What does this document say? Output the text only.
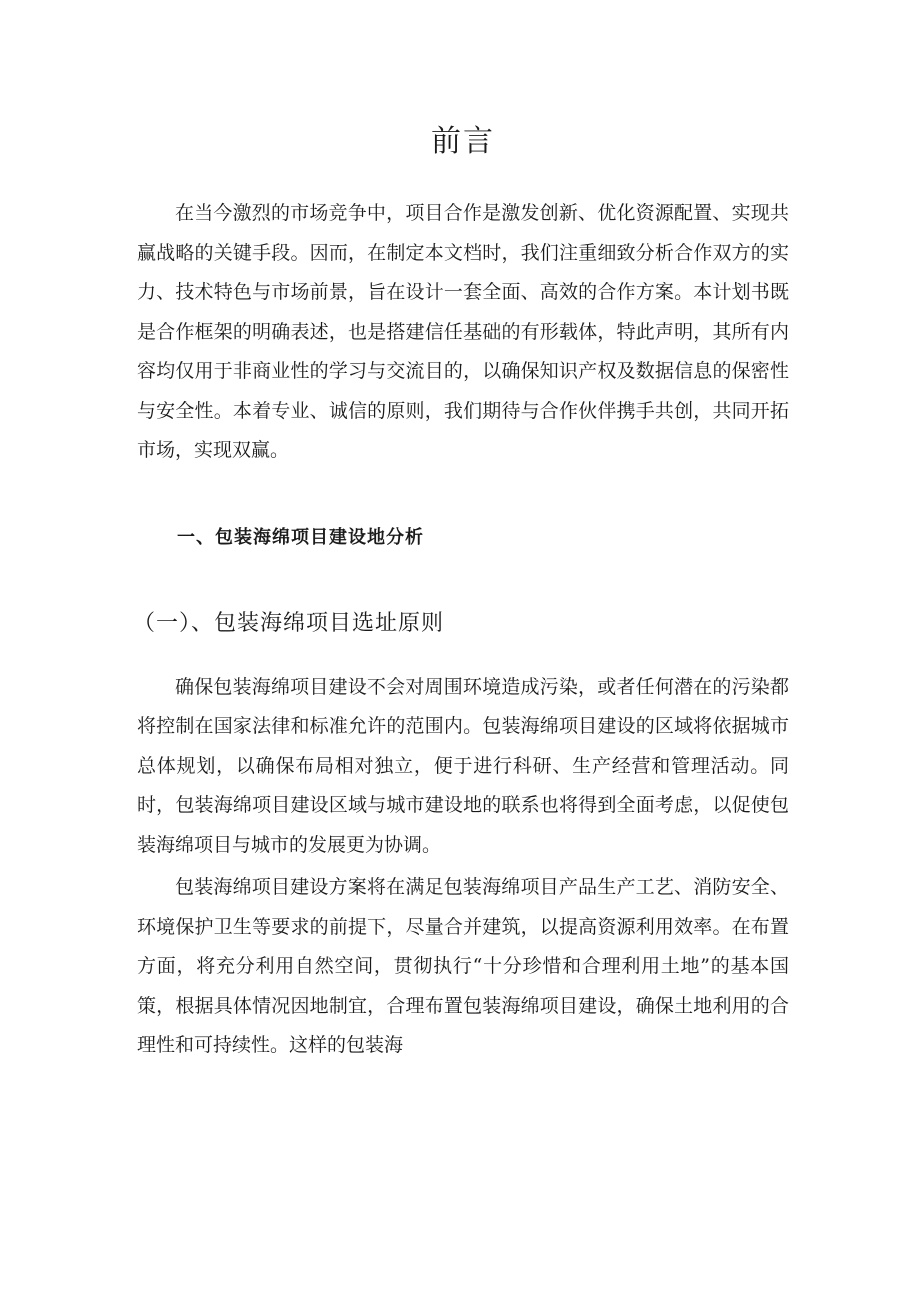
前言

在当今激烈的市场竞争中，项目合作是激发创新、优化资源配置、实现共赢战略的关键手段。因而，在制定本文档时，我们注重细致分析合作双方的实力、技术特色与市场前景，旨在设计一套全面、高效的合作方案。本计划书既是合作框架的明确表述，也是搭建信任基础的有形载体，特此声明，其所有内容均仅用于非商业性的学习与交流目的，以确保知识产权及数据信息的保密性与安全性。本着专业、诚信的原则，我们期待与合作伙伴携手共创，共同开拓市场，实现双赢。

一、包装海绵项目建设地分析
（一）、包装海绵项目选址原则

确保包装海绵项目建设不会对周围环境造成污染，或者任何潜在的污染都将控制在国家法律和标准允许的范围内。包装海绵项目建设的区域将依据城市总体规划，以确保布局相对独立，便于进行科研、生产经营和管理活动。同时，包装海绵项目建设区域与城市建设地的联系也将得到全面考虑，以促使包装海绵项目与城市的发展更为协调。

包装海绵项目建设方案将在满足包装海绵项目产品生产工艺、消防安全、环境保护卫生等要求的前提下，尽量合并建筑，以提高资源利用效率。在布置方面，将充分利用自然空间，贯彻执行“十分珍惜和合理利用土地”的基本国策，根据具体情况因地制宜，合理布置包装海绵项目建设，确保土地利用的合理性和可持续性。这样的包装海
